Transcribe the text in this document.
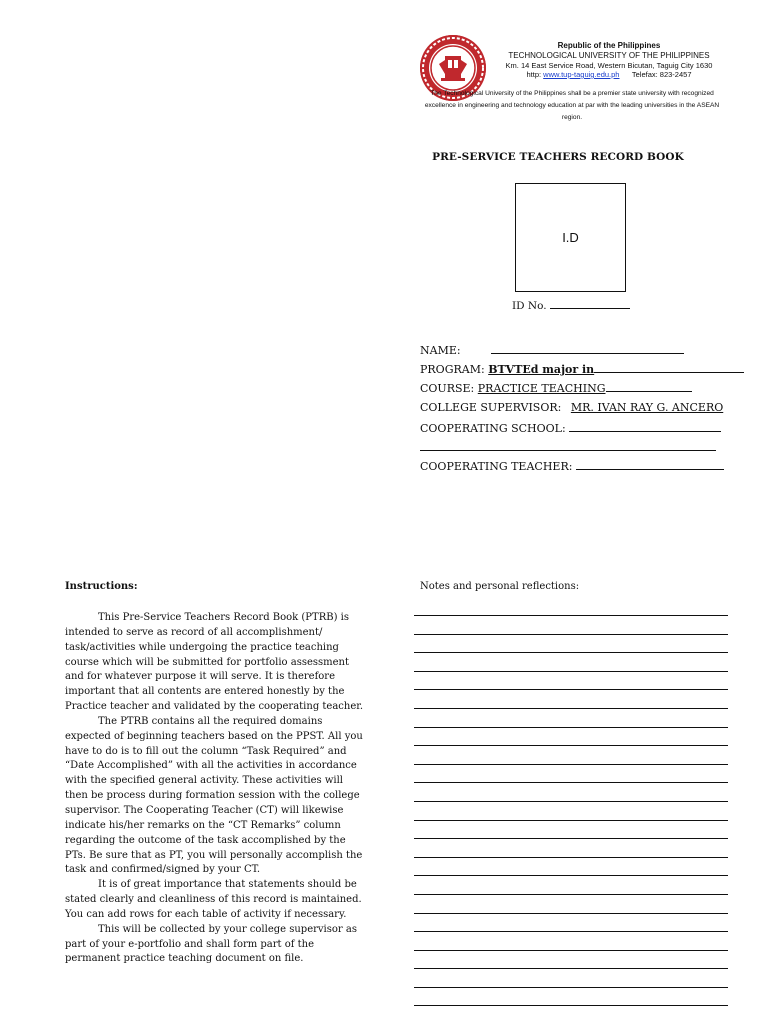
Republic of the Philippines
TECHNOLOGICAL UNIVERSITY OF THE PHILIPPINES
Km. 14 East Service Road, Western Bicutan, Taguig City 1630
http: www.tup-taguig.edu.ph Telefax: 823-2457
The Technological University of the Philippines shall be a premier state university with recognized excellence in engineering and technology education at par with the leading universities in the ASEAN region.
PRE-SERVICE TEACHERS RECORD BOOK
I.D
ID No.
NAME:
PROGRAM: BTVTEd major in
COURSE: PRACTICE TEACHING
COLLEGE SUPERVISOR: MR. IVAN RAY G. ANCERO
COOPERATING SCHOOL:
COOPERATING TEACHER:
Instructions:

This Pre-Service Teachers Record Book (PTRB) is intended to serve as record of all accomplishment/ task/activities while undergoing the practice teaching course which will be submitted for portfolio assessment and for whatever purpose it will serve. It is therefore important that all contents are entered honestly by the Practice teacher and validated by the cooperating teacher.

The PTRB contains all the required domains expected of beginning teachers based on the PPST. All you have to do is to fill out the column “Task Required” and “Date Accomplished” with all the activities in accordance with the specified general activity. These activities will then be process during formation session with the college supervisor. The Cooperating Teacher (CT) will likewise indicate his/her remarks on the “CT Remarks” column regarding the outcome of the task accomplished by the PTs. Be sure that as PT, you will personally accomplish the task and confirmed/signed by your CT.

It is of great importance that statements should be stated clearly and cleanliness of this record is maintained. You can add rows for each table of activity if necessary.

This will be collected by your college supervisor as part of your e-portfolio and shall form part of the permanent practice teaching document on file.

Notes and personal reflections:
